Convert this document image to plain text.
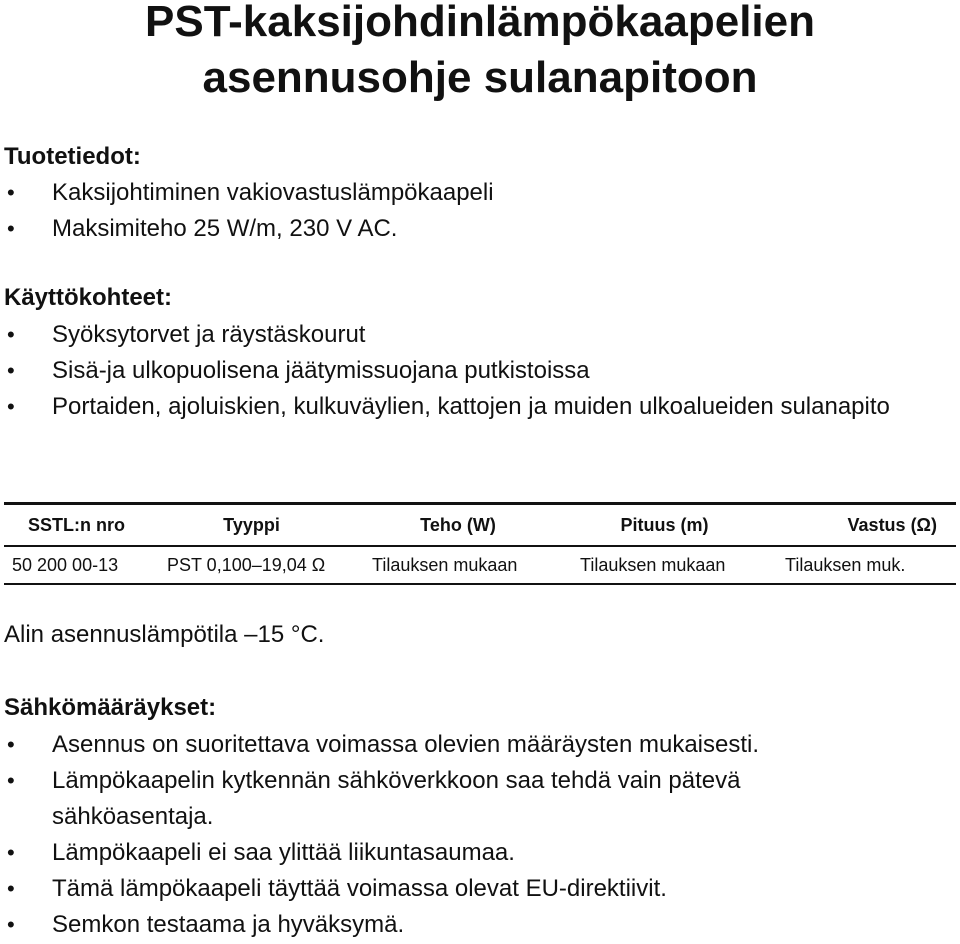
PST-kaksijohdinlämpökaapelien
asennusohje sulanapitoon
Tuotetiedot:
• Kaksijohtiminen vakiovastuslämpökaapeli
• Maksimiteho 25 W/m, 230 V AC.
Käyttökohteet:
• Syöksytorvet ja räystäskourut
• Sisä-ja ulkopuolisena jäätymissuojana putkistoissa
• Portaiden, ajoluiskien, kulkuväylien, kattojen ja muiden ulkoalueiden sulanapito
SSTL:n nro	Tyyppi	Teho (W)	Pituus (m)	Vastus (Ω)
50 200 00-13	PST 0,100–19,04 Ω	Tilauksen mukaan	Tilauksen mukaan	Tilauksen muk.

Alin asennuslämpötila –15 °C.

Sähkömääräykset:
• Asennus on suoritettava voimassa olevien määräysten mukaisesti.
• Lämpökaapelin kytkennän sähköverkkoon saa tehdä vain pätevä sähköasentaja.
• Lämpökaapeli ei saa ylittää liikuntasaumaa.
• Tämä lämpökaapeli täyttää voimassa olevat EU-direktiivit.
• Semkon testaama ja hyväksymä.
